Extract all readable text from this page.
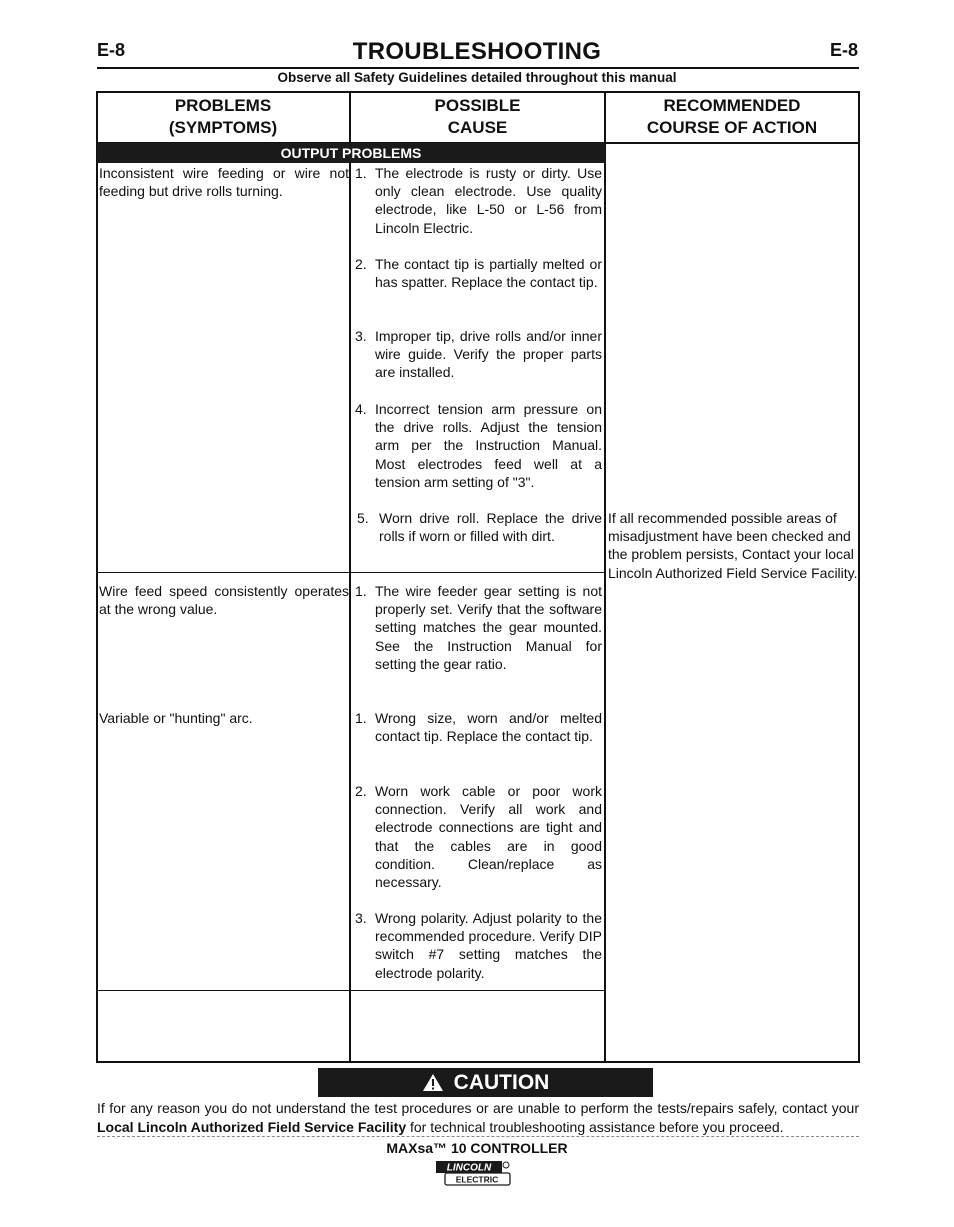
E-8	E-8
TROUBLESHOOTING
Observe all Safety Guidelines detailed throughout this manual
PROBLEMS
(SYMPTOMS)
POSSIBLE
CAUSE
RECOMMENDED
COURSE OF ACTION
OUTPUT PROBLEMS
Inconsistent wire feeding or wire not feeding but drive rolls turning.
1. The electrode is rusty or dirty. Use only clean electrode. Use quality electrode, like L-50 or L-56 from Lincoln Electric.
2. The contact tip is partially melted or has spatter. Replace the contact tip.
3. Improper tip, drive rolls and/or inner wire guide. Verify the proper parts are installed.
4. Incorrect tension arm pressure on the drive rolls. Adjust the tension arm per the Instruction Manual. Most electrodes feed well at a tension arm setting of "3".
5. Worn drive roll. Replace the drive rolls if worn or filled with dirt.
Wire feed speed consistently operates at the wrong value.
1. The wire feeder gear setting is not properly set. Verify that the software setting matches the gear mounted. See the Instruction Manual for setting the gear ratio.
Variable or "hunting" arc.	1. Wrong size, worn and/or melted contact tip. Replace the contact tip.
2. Worn work cable or poor work connection. Verify all work and electrode connections are tight and that the cables are in good condition. Clean/replace as necessary.
3. Wrong polarity. Adjust polarity to the recommended procedure. Verify DIP switch #7 setting matches the electrode polarity.
If all recommended possible areas of misadjustment have been checked and the problem persists, Contact your local Lincoln Authorized Field Service Facility.
CAUTION
If for any reason you do not understand the test procedures or are unable to perform the tests/repairs safely, contact your Local Lincoln Authorized Field Service Facility for technical troubleshooting assistance before you proceed.
MAXsa™ 10 CONTROLLER
LINCOLN
ELECTRIC
